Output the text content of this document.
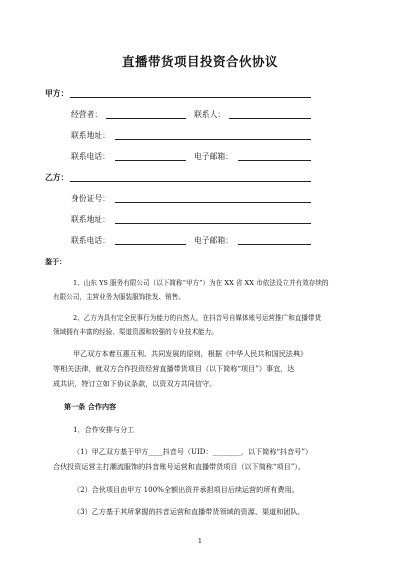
直播带货项目投资合伙协议
甲方：
经营者：	联系人：
联系地址：
联系电话：	电子邮箱：
乙方：
身份证号：
联系地址：
联系电话：	电子邮箱：
鉴于：
1、山东 YS 服务有限公司（以下简称“甲方”）为在 XX 省 XX 市依法设立并有效存续的
有限公司，主营业务为服装服饰批发、销售。
2、乙方为具有完全民事行为能力的自然人，在抖音号自媒体账号运营推广和直播带货
领域拥有丰富的经验、渠道资源和较强的专业技术能力。
甲乙双方本着互惠互利、共同发展的原则，根据《中华人民共和国民法典》
等相关法律，就双方合作投资经营直播带货项目（以下简称“项目”）事宜，达
成共识，特订立如下协议条款，以资双方共同信守。
第一条 合作内容
1．合作安排与分工
（1）甲乙双方基于甲方____抖音号（UID：________，以下简称“抖音号”）
合伙投资运营主打潮流服饰的抖音账号运营和直播带货项目（以下简称“项目”）。
（2）合伙项目由甲方 100%全额出资并承担项目后续运营的所有费用。
（3）乙方基于其所掌握的抖音运营和直播带货领域的资源、渠道和团队、
1
